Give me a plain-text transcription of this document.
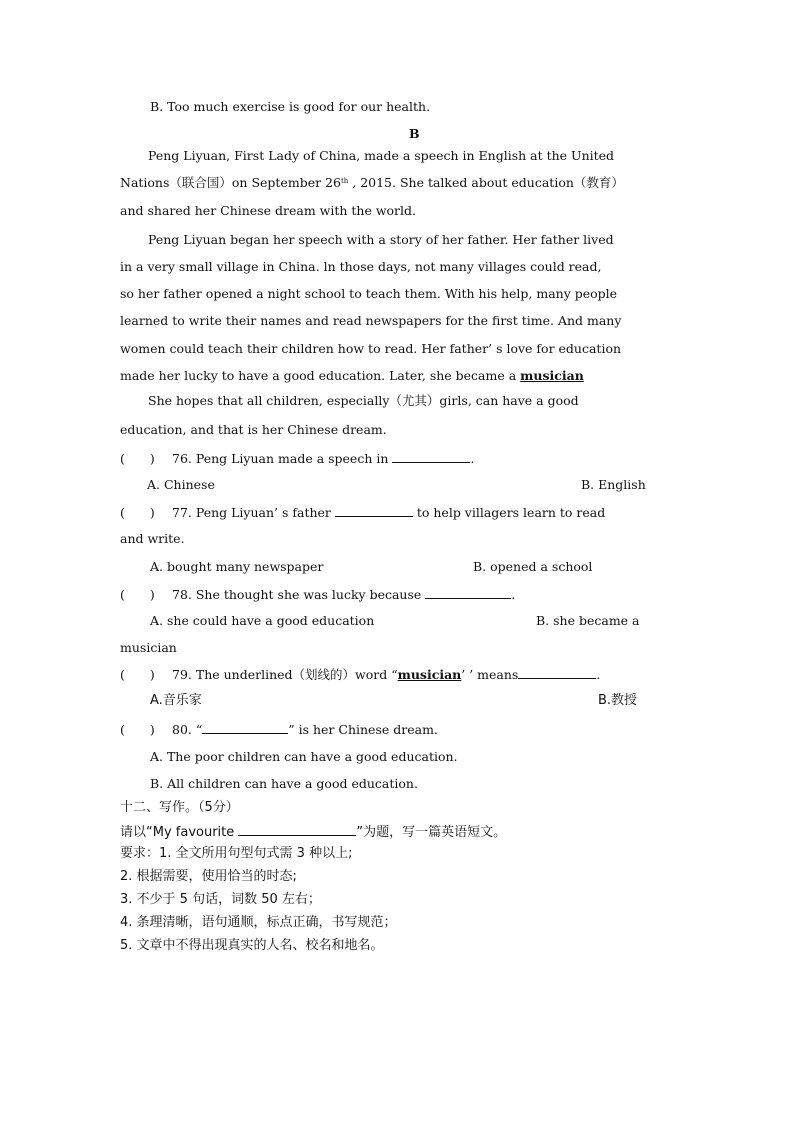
B. Too much exercise is good for our health.
B
Peng Liyuan, First Lady of China, made a speech in English at the United
Nations（联合国）on September 26th , 2015. She talked about education（教育）
and shared her Chinese dream with the world.
Peng Liyuan began her speech with a story of her father. Her father lived
in a very small village in China. ln those days, not many villages could read,
so her father opened a night school to teach them. With his help, many people
learned to write their names and read newspapers for the first time. And many
women could teach their children how to read. Her father’ s love for education
made her lucky to have a good education. Later, she became a musician
She hopes that all children, especially（尤其）girls, can have a good
education, and that is her Chinese dream.
(　　) 76. Peng Liyuan made a speech in	.
A. Chinese	B. English
(　　) 77. Peng Liyuan’ s father	to help villagers learn to read
and write.
A. bought many newspaper	B. opened a school
(　　) 78. She thought she was lucky because	.
A. she could have a good education	B. she became a
musician
(　　) 79. The underlined（划线的）word “musician’ ’ means	.
A.音乐家	B.教授
(　　) 80. “	” is her Chinese dream.
A. The poor children can have a good education.
B. All children can have a good education.
十二、写作。（5分）
请以“My favourite	”为题，写一篇英语短文。
要求：1. 全文所用句型句式需 3 种以上;
2. 根据需要，使用恰当的时态;
3. 不少于 5 句话，词数 50 左右；
4. 条理清晰，语句通顺，标点正确，书写规范；
5. 文章中不得出现真实的人名、校名和地名。
